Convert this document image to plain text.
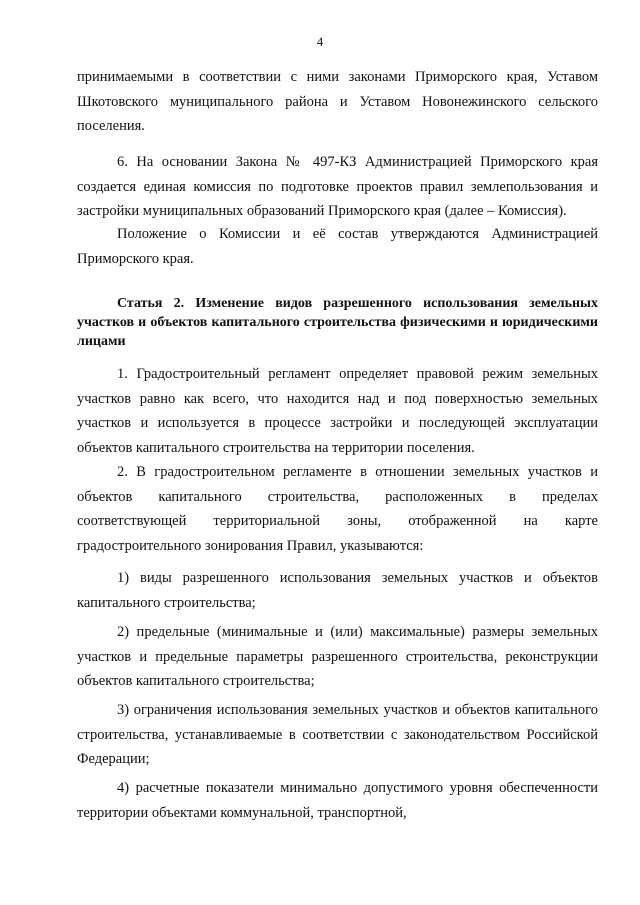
4

принимаемыми в соответствии с ними законами Приморского края, Уставом Шкотовского муниципального района и Уставом Новонежинского сельского поселения.

6. На основании Закона № 497-КЗ Администрацией Приморского края создается единая комиссия по подготовке проектов правил землепользования и застройки муниципальных образований Приморского края (далее – Комиссия).

Положение о Комиссии и её состав утверждаются Администрацией Приморского края.

Статья 2. Изменение видов разрешенного использования земельных участков и объектов капитального строительства физическими и юридическими лицами

1. Градостроительный регламент определяет правовой режим земельных участков равно как всего, что находится над и под поверхностью земельных участков и используется в процессе застройки и последующей эксплуатации объектов капитального строительства на территории поселения.

2. В градостроительном регламенте в отношении земельных участков и объектов капитального строительства, расположенных в пределах соответствующей территориальной зоны, отображенной на карте градостроительного зонирования Правил, указываются:

1) виды разрешенного использования земельных участков и объектов капитального строительства;

2) предельные (минимальные и (или) максимальные) размеры земельных участков и предельные параметры разрешенного строительства, реконструкции объектов капитального строительства;

3) ограничения использования земельных участков и объектов капитального строительства, устанавливаемые в соответствии с законодательством Российской Федерации;

4) расчетные показатели минимально допустимого уровня обеспеченности территории объектами коммунальной, транспортной,
